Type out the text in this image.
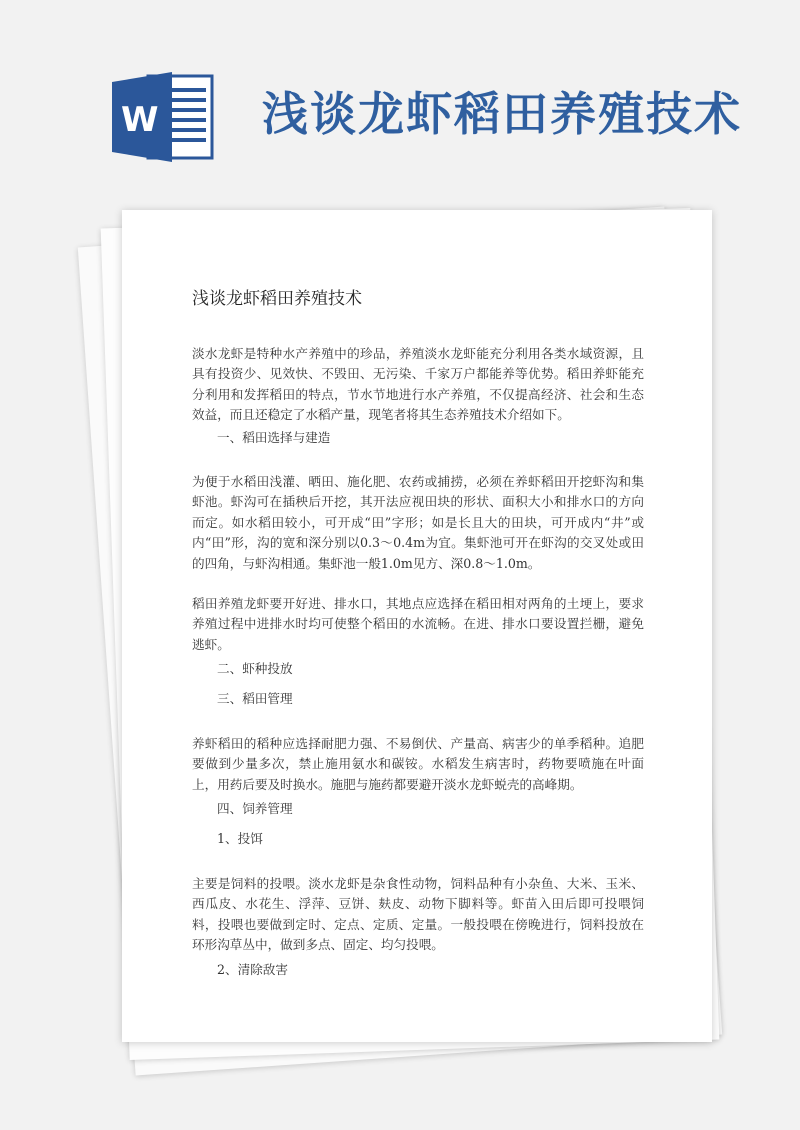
W 浅谈龙虾稻田养殖技术
浅谈龙虾稻田养殖技术

淡水龙虾是特种水产养殖中的珍品，养殖淡水龙虾能充分利用各类水域资源，且具有投资少、见效快、不毁田、无污染、千家万户都能养等优势。稻田养虾能充分利用和发挥稻田的特点，节水节地进行水产养殖，不仅提高经济、社会和生态效益，而且还稳定了水稻产量，现笔者将其生态养殖技术介绍如下。

一、稻田选择与建造

为便于水稻田浅灌、晒田、施化肥、农药或捕捞，必须在养虾稻田开挖虾沟和集虾池。虾沟可在插秧后开挖，其开法应视田块的形状、面积大小和排水口的方向而定。如水稻田较小，可开成“田”字形；如是长且大的田块，可开成内“井”或内“田”形，沟的宽和深分别以0.3～0.4m为宜。集虾池可开在虾沟的交叉处或田的四角，与虾沟相通。集虾池一般1.0m见方、深0.8～1.0m。

稻田养殖龙虾要开好进、排水口，其地点应选择在稻田相对两角的土埂上，要求养殖过程中进排水时均可使整个稻田的水流畅。在进、排水口要设置拦栅，避免逃虾。

二、虾种投放

三、稻田管理

养虾稻田的稻种应选择耐肥力强、不易倒伏、产量高、病害少的单季稻种。追肥要做到少量多次，禁止施用氨水和碳铵。水稻发生病害时，药物要喷施在叶面上，用药后要及时换水。施肥与施药都要避开淡水龙虾蜕壳的高峰期。

四、饲养管理

1、投饵

主要是饲料的投喂。淡水龙虾是杂食性动物，饲料品种有小杂鱼、大米、玉米、西瓜皮、水花生、浮萍、豆饼、麸皮、动物下脚料等。虾苗入田后即可投喂饲料，投喂也要做到定时、定点、定质、定量。一般投喂在傍晚进行，饲料投放在环形沟草丛中，做到多点、固定、均匀投喂。

2、清除敌害
